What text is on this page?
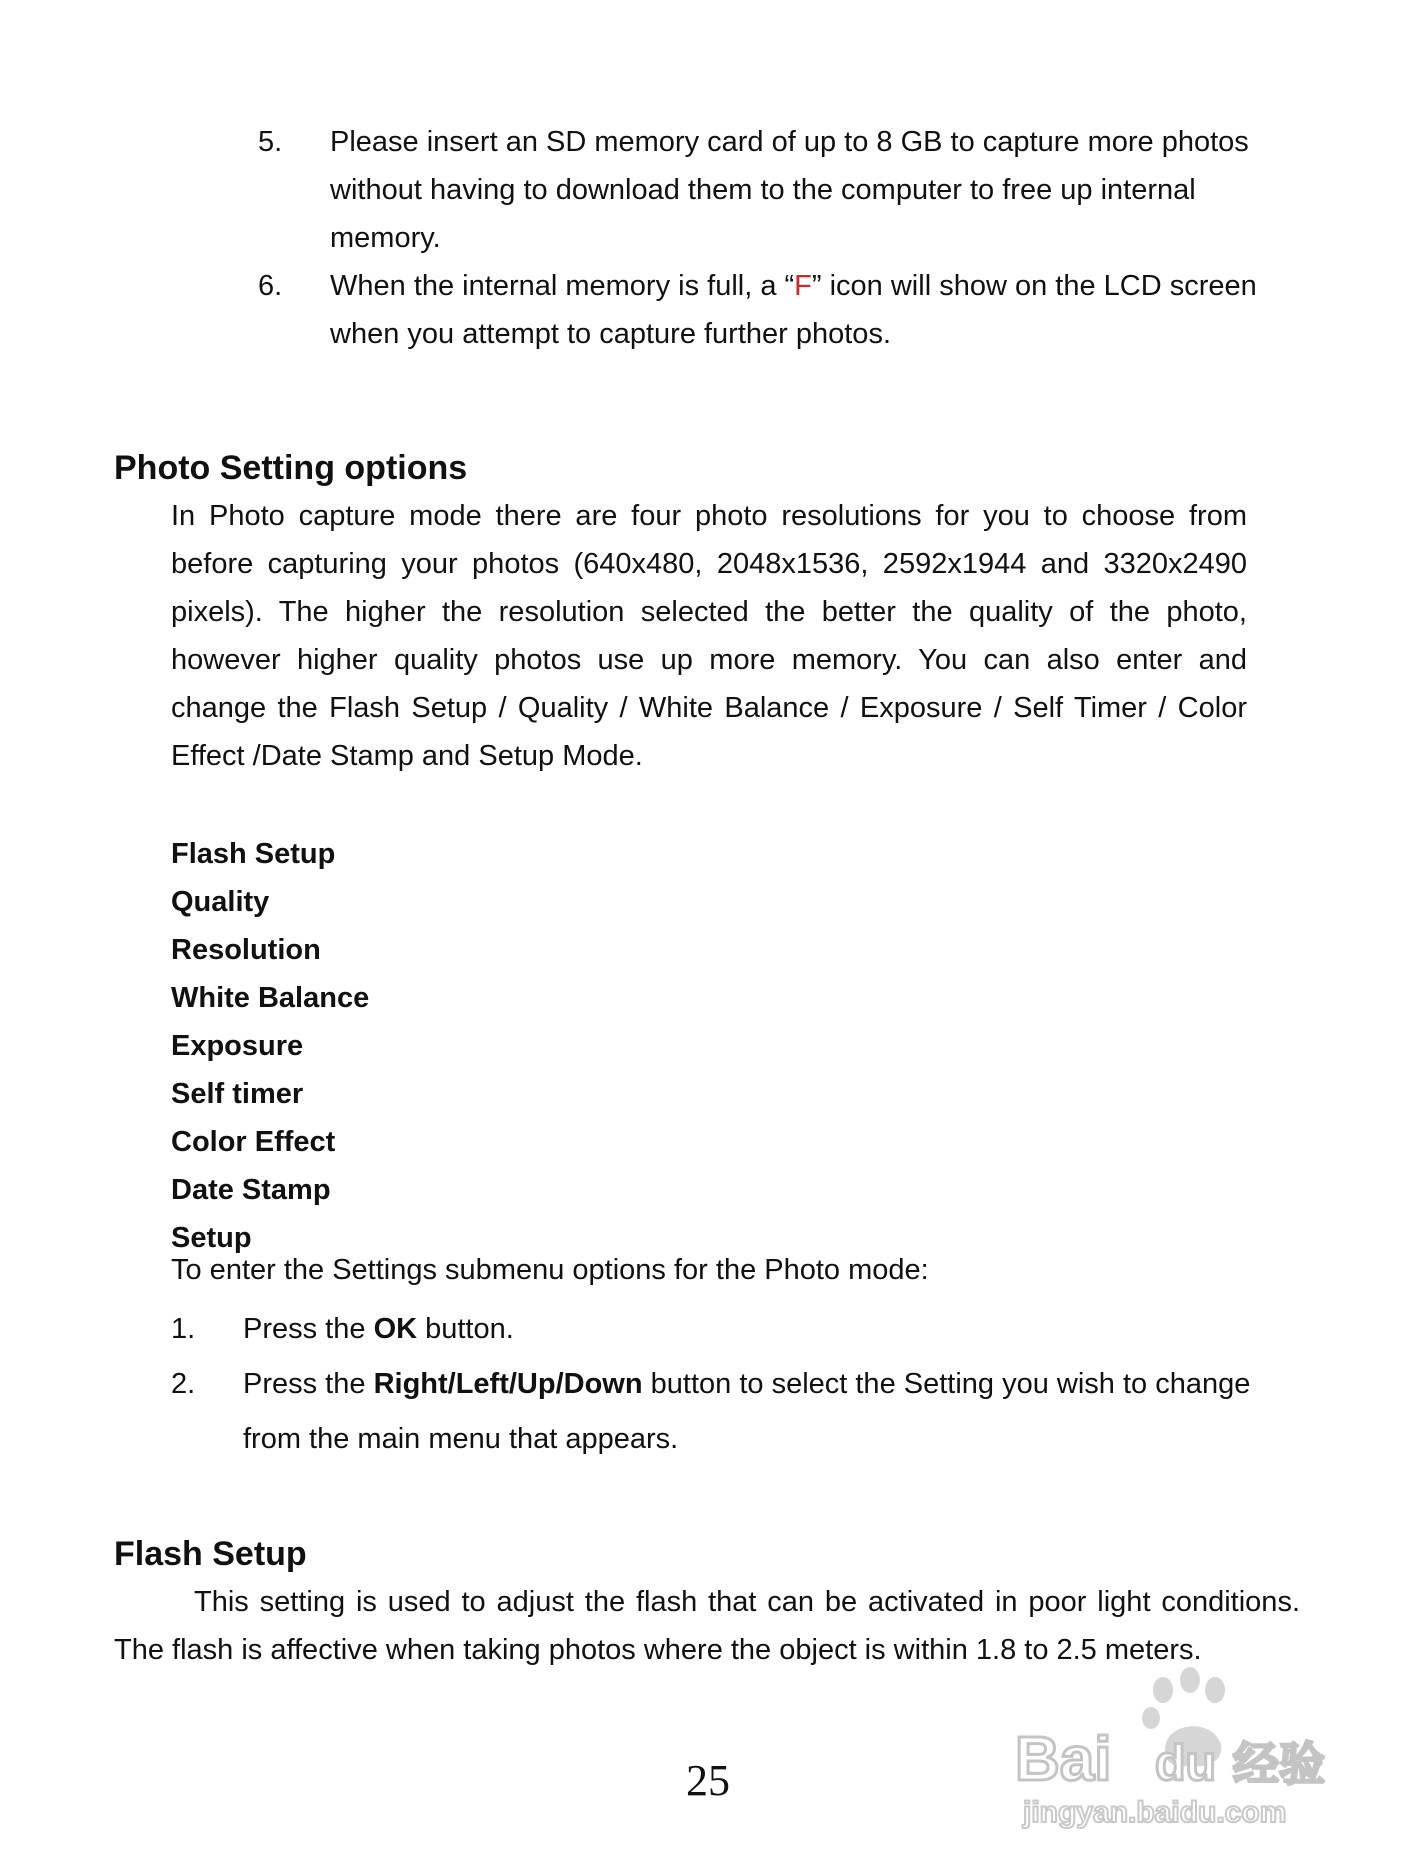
5.	Please insert an SD memory card of up to 8 GB to capture more photos without having to download them to the computer to free up internal memory.
6.	When the internal memory is full, a “F” icon will show on the LCD screen when you attempt to capture further photos.
Photo Setting options
In Photo capture mode there are four photo resolutions for you to choose from before capturing your photos (640x480, 2048x1536, 2592x1944 and 3320x2490 pixels). The higher the resolution selected the better the quality of the photo, however higher quality photos use up more memory. You can also enter and change the Flash Setup / Quality / White Balance / Exposure / Self Timer / Color Effect /Date Stamp and Setup Mode.
Flash Setup
Quality
Resolution
White Balance
Exposure
Self timer
Color Effect
Date Stamp
Setup
To enter the Settings submenu options for the Photo mode:
1.	Press the OK button.
2.	Press the Right/Left/Up/Down button to select the Setting you wish to change from the main menu that appears.
Flash Setup
This setting is used to adjust the flash that can be activated in poor light conditions. The flash is affective when taking photos where the object is within 1.8 to 2.5 meters.
25	Bai du 经验
jingyan.baidu.com
